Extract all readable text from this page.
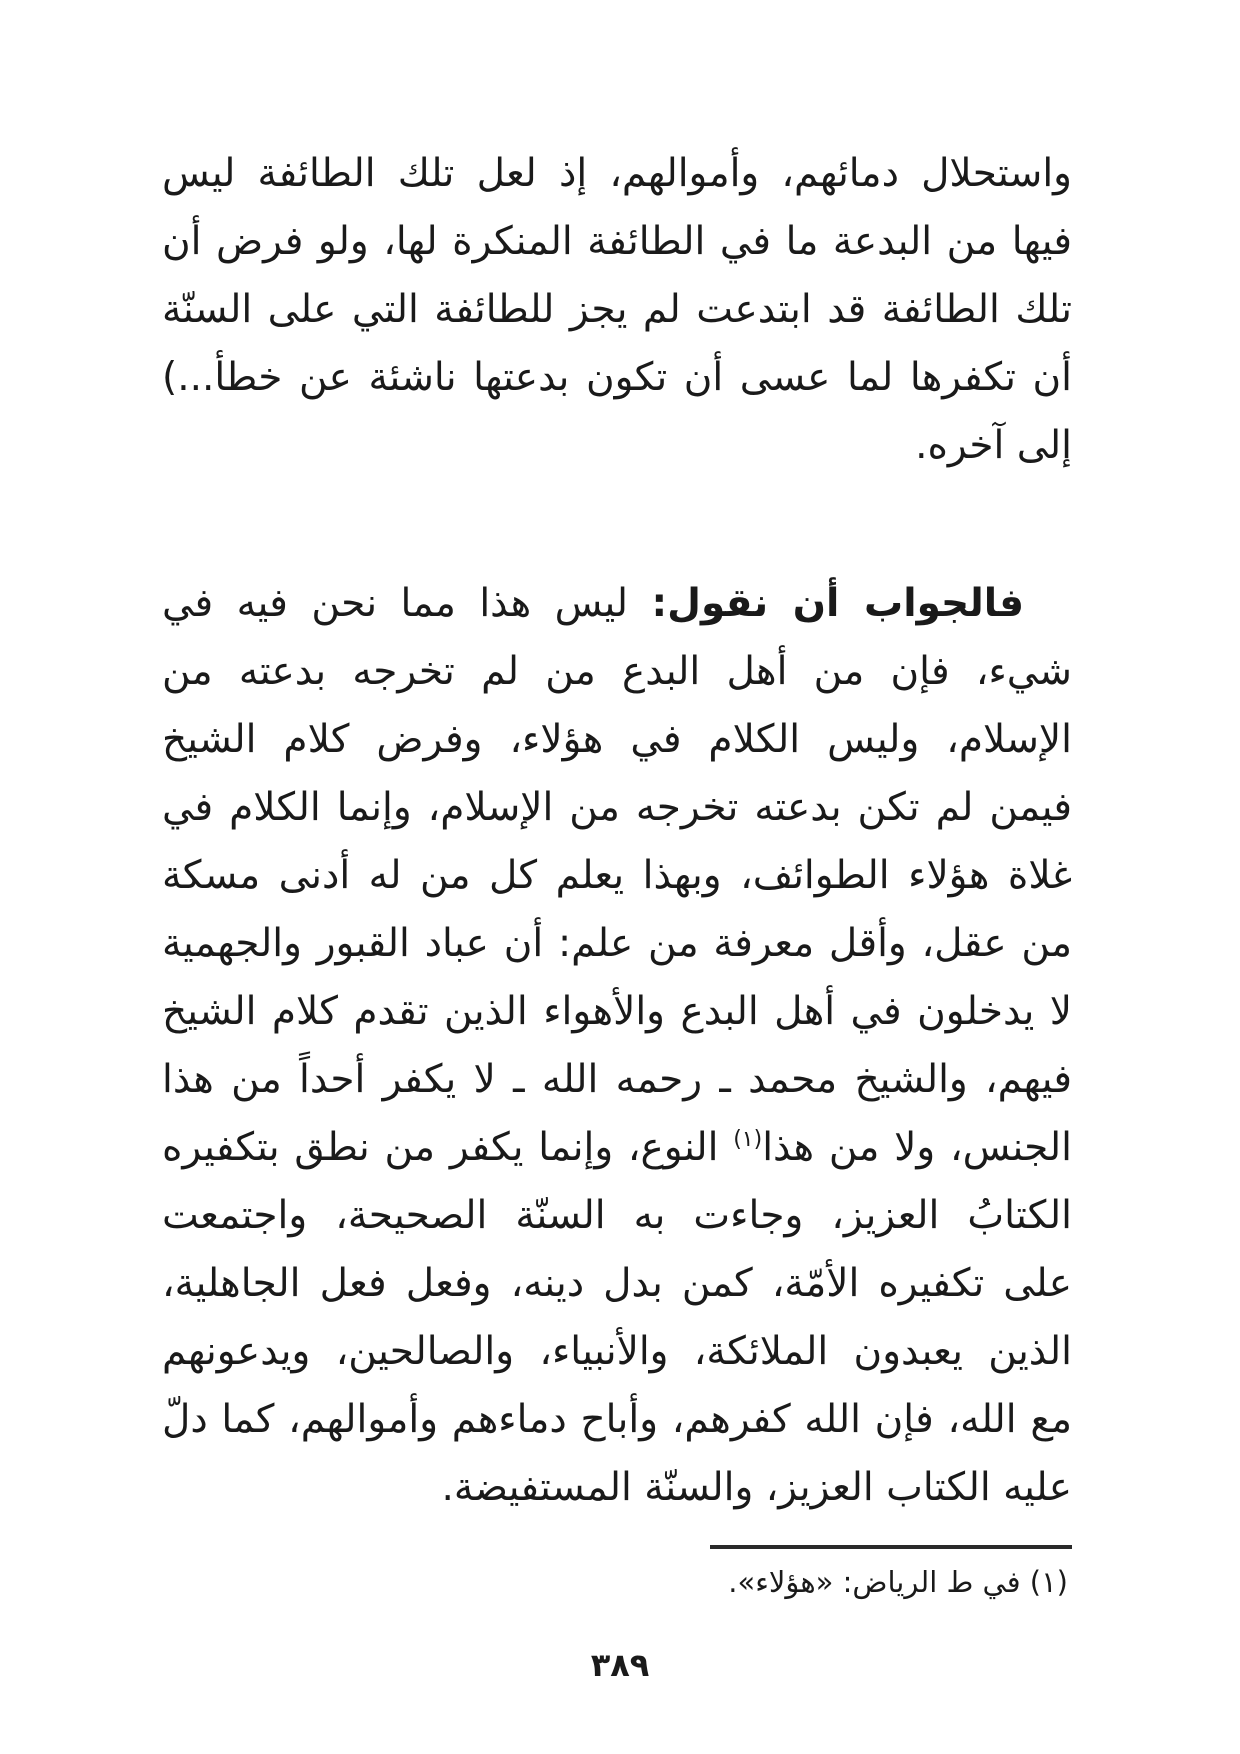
واستحلال دمائهم، وأموالهم، إذ لعل تلك الطائفة ليس
فيها من البدعة ما في الطائفة المنكرة لها، ولو فرض أن
تلك الطائفة قد ابتدعت لم يجز للطائفة التي على السنّة
أن تكفرها لما عسى أن تكون بدعتها ناشئة عن خطأ...)
إلى آخره.
فالجواب أن نقول: ليس هذا مما نحن فيه في
شيء، فإن من أهل البدع من لم تخرجه بدعته من
الإسلام، وليس الكلام في هؤلاء، وفرض كلام الشيخ
فيمن لم تكن بدعته تخرجه من الإسلام، وإنما الكلام في
غلاة هؤلاء الطوائف، وبهذا يعلم كل من له أدنى مسكة
من عقل، وأقل معرفة من علم: أن عباد القبور والجهمية
لا يدخلون في أهل البدع والأهواء الذين تقدم كلام الشيخ
فيهم، والشيخ محمد ـ رحمه الله ـ لا يكفر أحداً من هذا
الجنس، ولا من هذا$^{(١)}$ النوع، وإنما يكفر من نطق بتكفيره
الكتابُ العزيز، وجاءت به السنّة الصحيحة، واجتمعت
على تكفيره الأمّة، كمن بدل دينه، وفعل فعل الجاهلية،
الذين يعبدون الملائكة، والأنبياء، والصالحين، ويدعونهم
مع الله، فإن الله كفرهم، وأباح دماءهم وأموالهم، كما دلّ
عليه الكتاب العزيز، والسنّة المستفيضة.
(١) في ط الرياض: «هؤلاء».
٣٨٩
